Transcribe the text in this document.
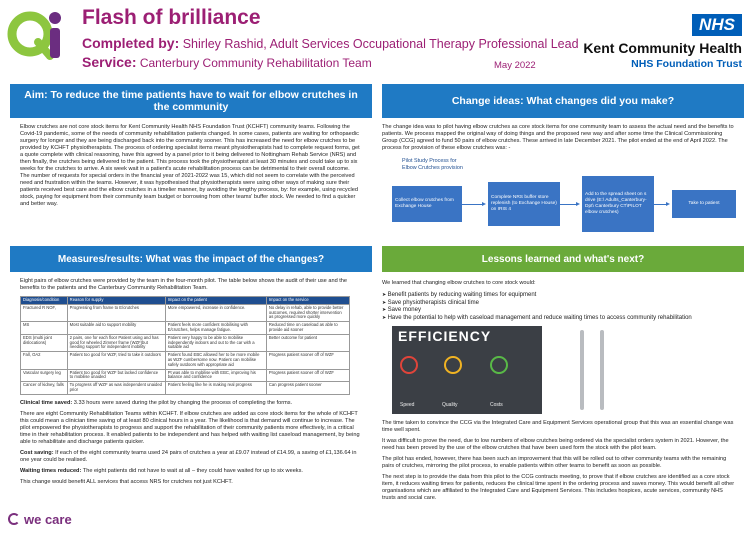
Flash of brilliance
Completed by: Shirley Rashid, Adult Services Occupational Therapy Professional Lead
Service: Canterbury Community Rehabilitation Team	May 2022
NHS
Kent Community Health
NHS Foundation Trust
Aim: To reduce the time patients have to wait for elbow crutches in the community
Elbow crutches are not core stock items for Kent Community Health NHS Foundation Trust (KCHFT) community teams. Following the Covid-19 pandemic, some of the needs of community rehabilitation patients changed. In some cases, patients are waiting for orthopaedic surgery for longer and they are being discharged back into the community sooner. This has increased the need for elbow crutches to be provided by KCHFT physiotherapists. The process of ordering specialist items meant physiotherapists had to complete request forms, get a quote complete with clinical reasoning, have this agreed by a panel prior to it being delivered to Nottingham Rehab Service (NRS) and then finally, the crutches being delivered to the patient. This process took the physiotherapist at least 30 minutes and could take up to six weeks for the crutches to arrive. A six week wait in a patient's acute rehabilitation process can be detrimental to their overall outcome. The number of requests for special orders in the financial year of 2021-2022 was 15, which did not seem to correlate with the perceived need and frustration within the teams. However, it was hypothesised that physiotherapists were using other ways of making sure their patients received best care and the elbow crutches in a timelier manner, by avoiding the lengthy process, by: for example, using recycled stock, paying for equipment from their community team budget or borrowing from other teams' buffer stock. We needed to find a quicker and better way.
Change ideas: What changes did you make?
The change idea was to pilot having elbow crutches as core stock items for one community team to assess the actual need and the benefits to patients. We process mapped the original way of doing things and the proposed new way and after some time the Clinical Commissioning Group (CCG) agreed to fund 50 pairs of elbow crutches. These arrived in late December 2021. The pilot ended at the end of April 2022. The process for provision of these elbow crutches was: -
Pilot Study Process for Elbow Crutches provision
Collect elbow crutches from Exchange House
Complete NRS buffer store replenish (to Exchange House) on IRIS 4
Add to the spread sheet on s drive (E:\ Adults_Canterbury-Dpt\ Canterbury CT\PILOT elbow crutches)
Take to patient
Measures/results: What was the impact of the changes?
Eight pairs of elbow crutches were provided by the team in the four-month pilot. The table below shows the audit of their use and the benefits to the patients and the Canterbury Community Rehabilitation Team.
Diagnosis/condition	Reason for supply	Impact on the patient	Impact on the service
Fractured R NOF,	Progressing from frame to E/crutches	More empowered, increase in confidence.	No delay in rehab, able to provide better outcomes, required shorter intervention as progressed more quickly
MS	Most suitable aid to support mobility	Patient feels more confident mobilising with E/crutches, helps manage fatigue.	Reduced time on caseload as able to provide aid sooner
EDS (multi joint dislocations)	2 pairs, one for each floor Patient using and has good for wheeled Zimmer frame (WZF)but needing support for independent mobility	Patient very happy to be able to mobilise independently indoors and out to the car with a suitable aid	Better outcome for patient
Fall, OA2	Patient too good for WZF, tried to take it outdoors	Patient found EBC allowed her to be more mobile as WZF cumbersome now. Patient can mobilise safely outdoors with appropriate aid	Progress patient sooner off of WZF
Vascular surgery leg	Patient too good for WZF but lacked confidence to mobilise unaided	Pt was able to mobilise with EBC, improving his balance and confidence	Progress patient sooner off of WZF
Cancer of kidney, falls	To progress off WZF as was independent unaided prior	Patient feeling like he is making real progress	Can progress patient sooner

Clinical time saved: 3.33 hours were saved during the pilot by changing the process of completing the forms.

There are eight Community Rehabilitation Teams within KCHFT. If elbow crutches are added as core stock items for the whole of KCHFT this could mean a clinician time saving of at least 80 clinical hours in a year. The likelihood is that demand will continue to increase. The pilot empowered the physiotherapists to progress and support the rehabilitation of their community patients more effectively, in a critical time in their rehabilitation process. It enabled patients to be independent and has helped with waiting list caseload management, by being able to rehabilitate and discharge patients quicker.

Cost saving: If each of the eight community teams used 24 pairs of crutches a year at £9.07 instead of £14.99, a saving of £1,136.64 in one year could be realised.

Waiting times reduced: The eight patients did not have to wait at all – they could have waited for up to six weeks.

This change would benefit ALL services that access NRS for crutches not just KCHFT.

Lessons learned and what's next?
We learned that changing elbow crutches to core stock would:
➤ Benefit patients by reducing waiting times for equipment
➤ Save physiotherapists clinical time
➤ Save money
➤ Have the potential to help with caseload management and reduce waiting times to access community rehabilitation
EFFICIENCY
Speed	Quality	Costs

The time taken to convince the CCG via the Integrated Care and Equipment Services operational group that this was an essential change was time well spent.

It was difficult to prove the need, due to low numbers of elbow crutches being ordered via the specialist orders system in 2021. However, the need has been proved by the use of the elbow crutches that have been used form the stock with the pilot team.

The pilot has ended, however, there has been such an improvement that this will be rolled out to other community teams with the remaining pairs of crutches, mirroring the pilot process, to enable patients within other teams to benefit as soon as possible.

The next step is to provide the data from this pilot to the CCG contracts meeting, to prove that if elbow crutches are identified as a core stock item, it reduces waiting times for patients, reduces the clinical time spent in the ordering process and saves money. This would benefit all other organisations which are affiliated to the Integrated Care and Equipment Services. This includes hospices, acute services, community NHS trusts and social care.

we care
